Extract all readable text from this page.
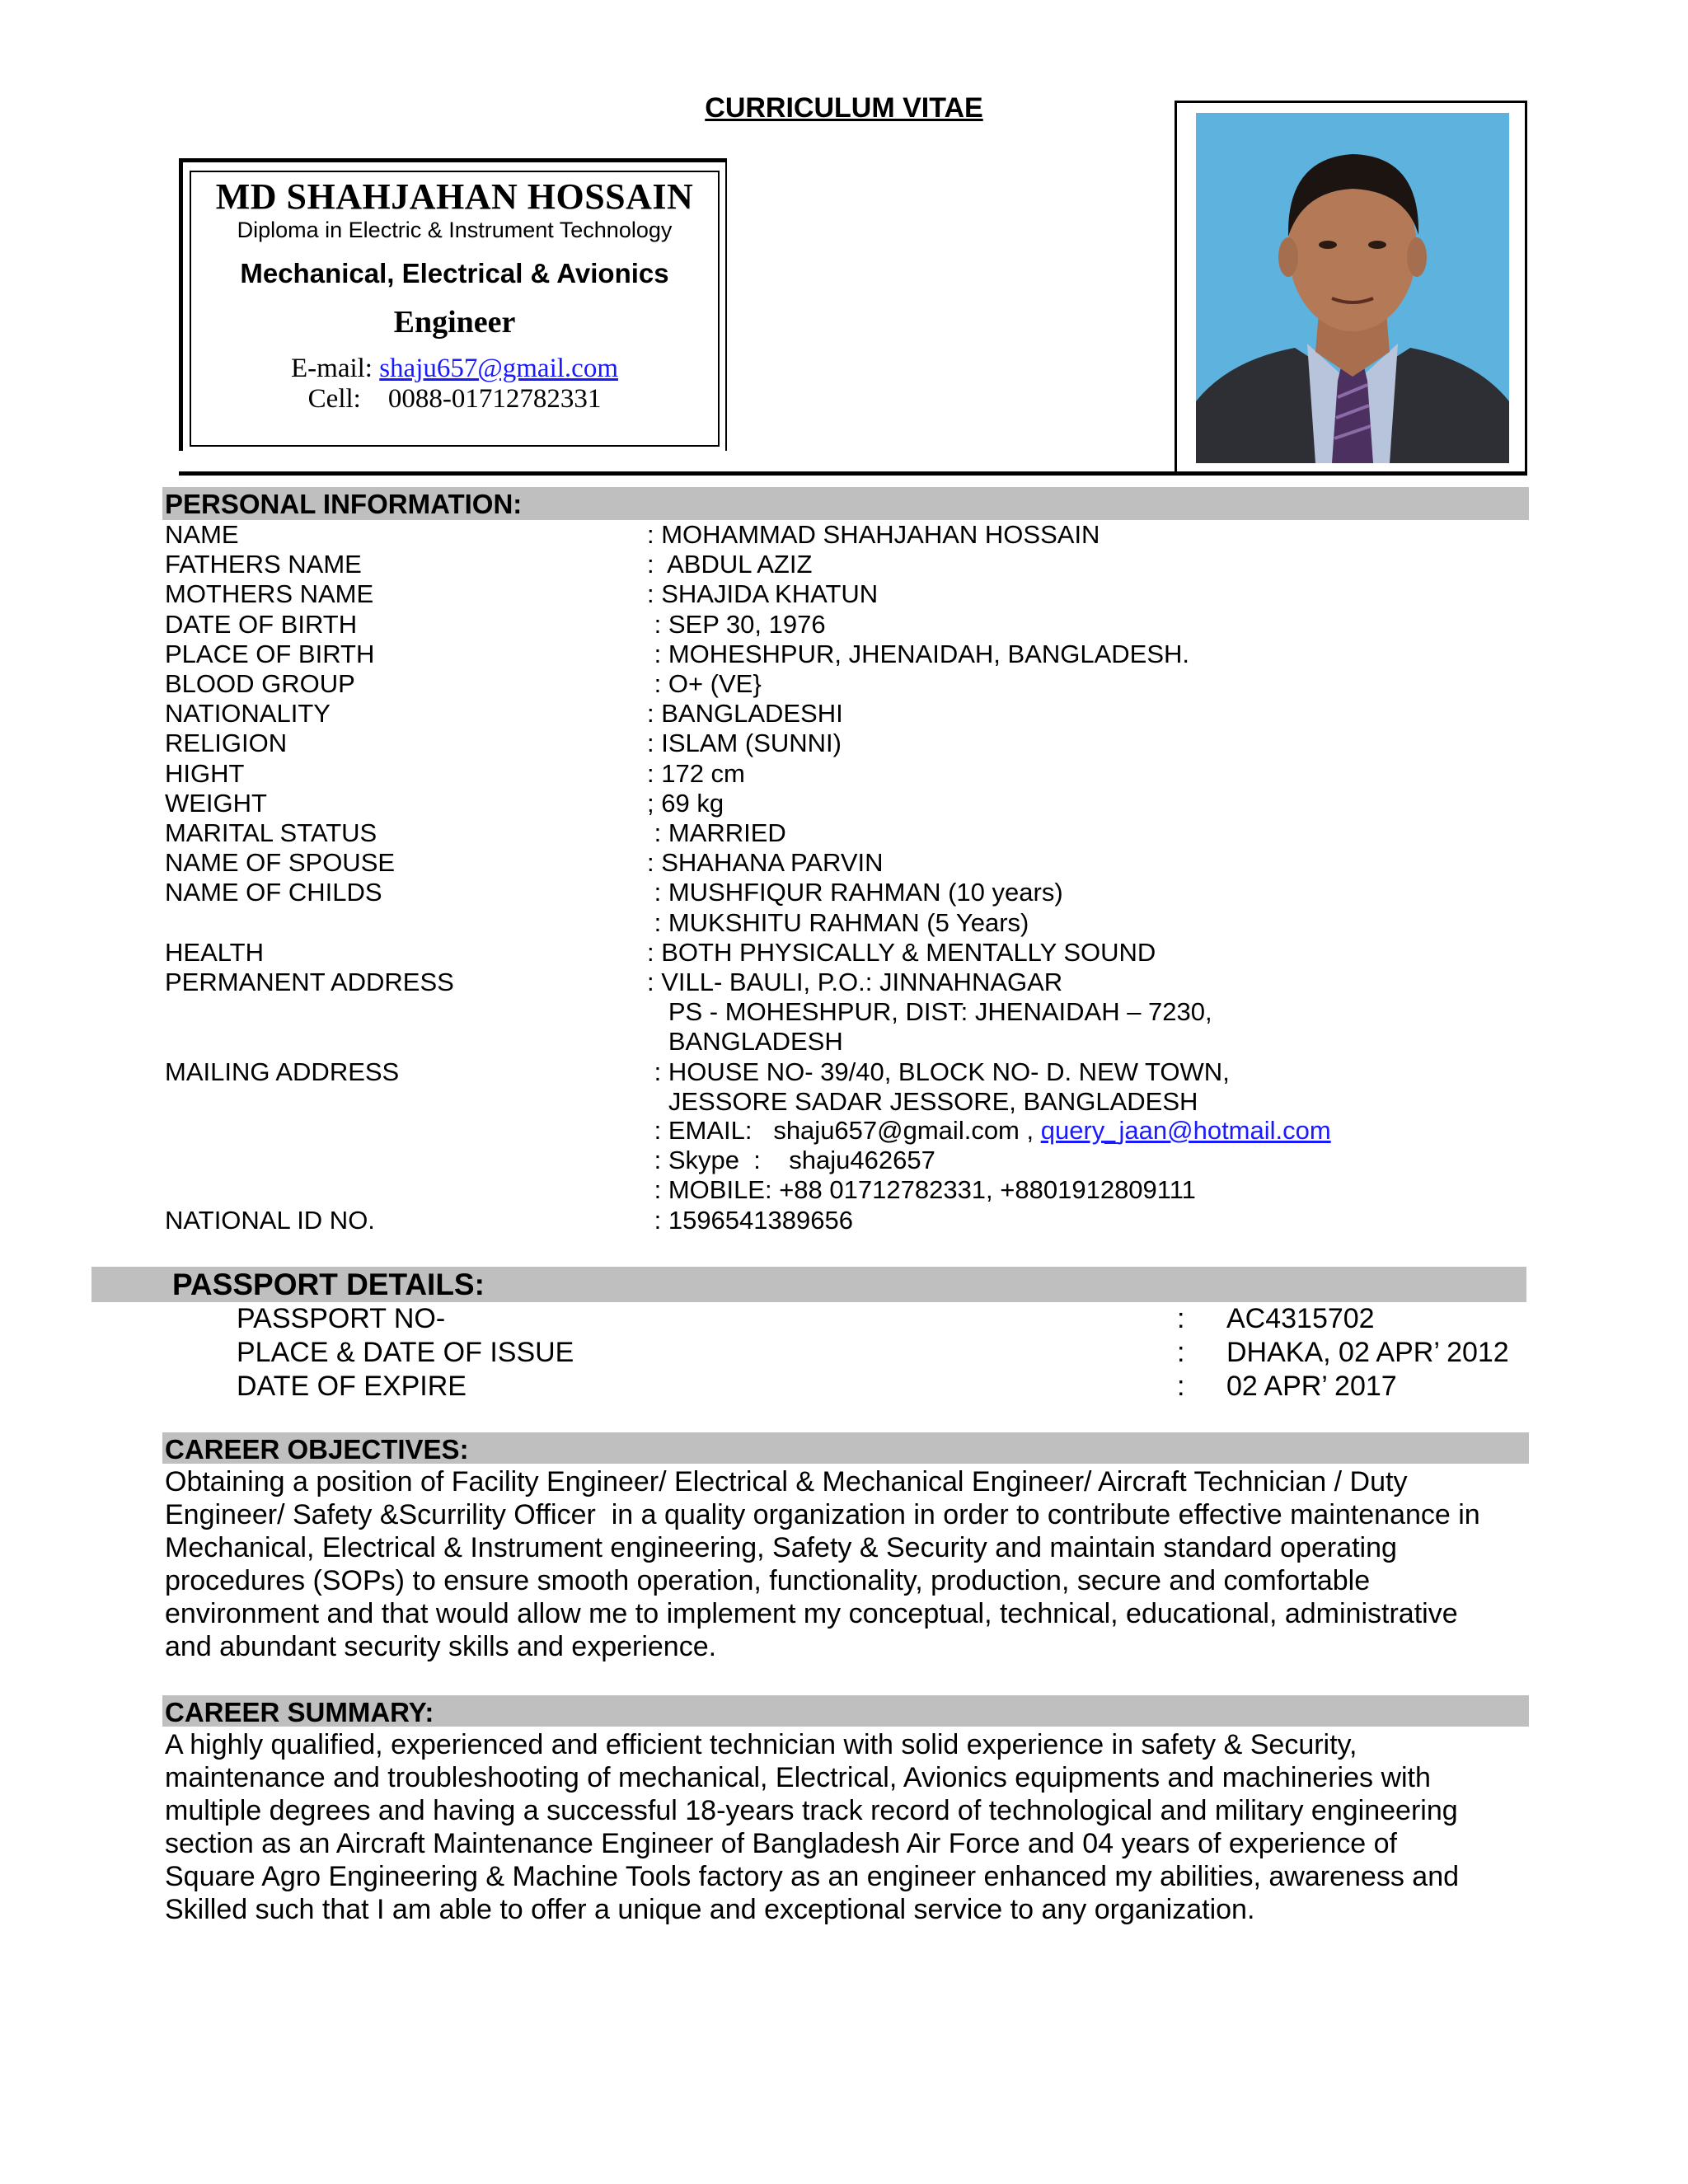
CURRICULUM VITAE
MD SHAHJAHAN HOSSAIN
Diploma in Electric & Instrument Technology
Mechanical, Electrical & Avionics
Engineer
E-mail: shaju657@gmail.com
Cell: 0088-01712782331
PERSONAL INFORMATION:
NAME	: MOHAMMAD SHAHJAHAN HOSSAIN
FATHERS NAME	:  ABDUL AZIZ
MOTHERS NAME	: SHAJIDA KHATUN
DATE OF BIRTH	: SEP 30, 1976
PLACE OF BIRTH	: MOHESHPUR, JHENAIDAH, BANGLADESH.
BLOOD GROUP	: O+ (VE}
NATIONALITY	: BANGLADESHI
RELIGION	: ISLAM (SUNNI)
HIGHT	: 172 cm
WEIGHT	; 69 kg
MARITAL STATUS	: MARRIED
NAME OF SPOUSE	: SHAHANA PARVIN
NAME OF CHILDS	: MUSHFIQUR RAHMAN (10 years)
: MUKSHITU RAHMAN (5 Years)
HEALTH	: BOTH PHYSICALLY & MENTALLY SOUND
PERMANENT ADDRESS	: VILL- BAULI, P.O.: JINNAHNAGAR
PS - MOHESHPUR, DIST: JHENAIDAH – 7230,
BANGLADESH
MAILING ADDRESS	: HOUSE NO- 39/40, BLOCK NO- D. NEW TOWN,
JESSORE SADAR JESSORE, BANGLADESH
: EMAIL:   shaju657@gmail.com , query_jaan@hotmail.com
: Skype  :    shaju462657
: MOBILE: +88 01712782331, +8801912809111
NATIONAL ID NO.	: 1596541389656
PASSPORT DETAILS:
PASSPORT NO-	: AC4315702
PLACE & DATE OF ISSUE	: DHAKA, 02 APR’ 2012
DATE OF EXPIRE	: 02 APR’ 2017
CAREER OBJECTIVES:
Obtaining a position of Facility Engineer/ Electrical & Mechanical Engineer/ Aircraft Technician / Duty
Engineer/ Safety &Scurrility Officer  in a quality organization in order to contribute effective maintenance in
Mechanical, Electrical & Instrument engineering, Safety & Security and maintain standard operating
procedures (SOPs) to ensure smooth operation, functionality, production, secure and comfortable
environment and that would allow me to implement my conceptual, technical, educational, administrative
and abundant security skills and experience.
CAREER SUMMARY:
A highly qualified, experienced and efficient technician with solid experience in safety & Security,
maintenance and troubleshooting of mechanical, Electrical, Avionics equipments and machineries with
multiple degrees and having a successful 18-years track record of technological and military engineering
section as an Aircraft Maintenance Engineer of Bangladesh Air Force and 04 years of experience of
Square Agro Engineering & Machine Tools factory as an engineer enhanced my abilities, awareness and
Skilled such that I am able to offer a unique and exceptional service to any organization.
